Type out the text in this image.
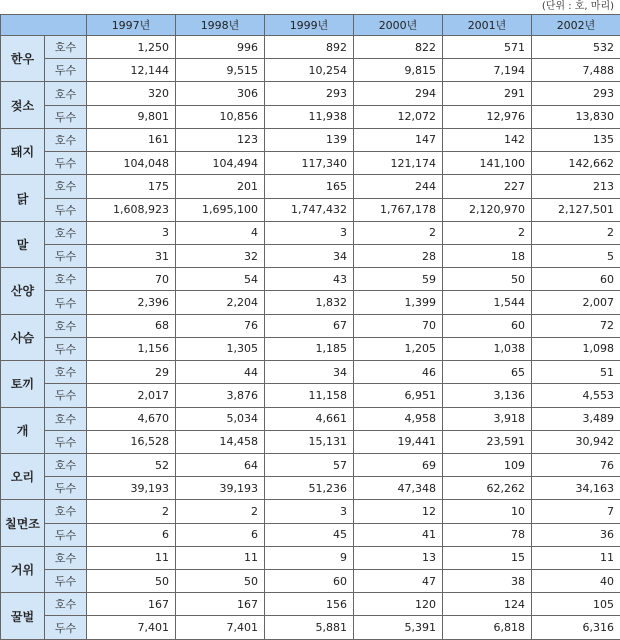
(단위 : 호, 마리)
		1997년	1998년	1999년	2000년	2001년	2002년
한우	호수	1,250	996	892	822	571	532
	두수	12,144	9,515	10,254	9,815	7,194	7,488
젖소	호수	320	306	293	294	291	293
	두수	9,801	10,856	11,938	12,072	12,976	13,830
돼지	호수	161	123	139	147	142	135
	두수	104,048	104,494	117,340	121,174	141,100	142,662
닭	호수	175	201	165	244	227	213
	두수	1,608,923	1,695,100	1,747,432	1,767,178	2,120,970	2,127,501
말	호수	3	4	3	2	2	2
	두수	31	32	34	28	18	5
산양	호수	70	54	43	59	50	60
	두수	2,396	2,204	1,832	1,399	1,544	2,007
사슴	호수	68	76	67	70	60	72
	두수	1,156	1,305	1,185	1,205	1,038	1,098
토끼	호수	29	44	34	46	65	51
	두수	2,017	3,876	11,158	6,951	3,136	4,553
개	호수	4,670	5,034	4,661	4,958	3,918	3,489
	두수	16,528	14,458	15,131	19,441	23,591	30,942
오리	호수	52	64	57	69	109	76
	두수	39,193	39,193	51,236	47,348	62,262	34,163
칠면조	호수	2	2	3	12	10	7
	두수	6	6	45	41	78	36
거위	호수	11	11	9	13	15	11
	두수	50	50	60	47	38	40
꿀벌	호수	167	167	156	120	124	105
	두수	7,401	7,401	5,881	5,391	6,818	6,316
